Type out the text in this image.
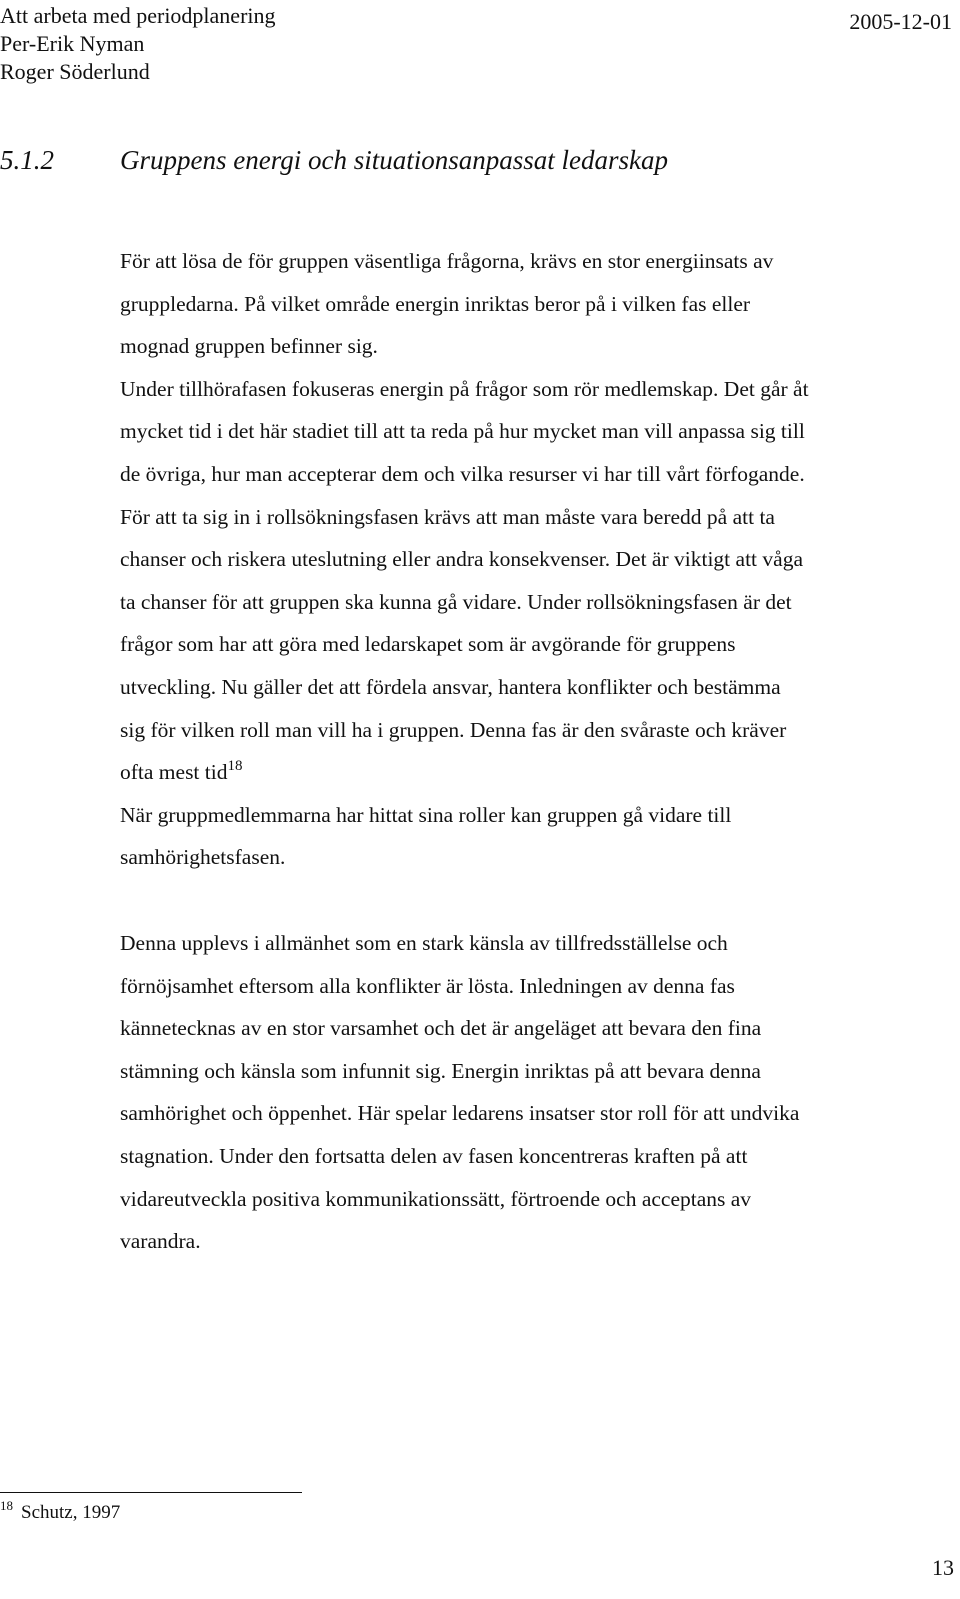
Att arbeta med periodplanering
Per-Erik Nyman
Roger Söderlund
2005-12-01
5.1.2 Gruppens energi och situationsanpassat ledarskap
För att lösa de för gruppen väsentliga frågorna, krävs en stor energiinsats av
gruppledarna. På vilket område energin inriktas beror på i vilken fas eller
mognad gruppen befinner sig.
Under tillhörafasen fokuseras energin på frågor som rör medlemskap. Det går åt
mycket tid i det här stadiet till att ta reda på hur mycket man vill anpassa sig till
de övriga, hur man accepterar dem och vilka resurser vi har till vårt förfogande.
För att ta sig in i rollsökningsfasen krävs att man måste vara beredd på att ta
chanser och riskera uteslutning eller andra konsekvenser. Det är viktigt att våga
ta chanser för att gruppen ska kunna gå vidare. Under rollsökningsfasen är det
frågor som har att göra med ledarskapet som är avgörande för gruppens
utveckling. Nu gäller det att fördela ansvar, hantera konflikter och bestämma
sig för vilken roll man vill ha i gruppen. Denna fas är den svåraste och kräver
ofta mest tid$^{18}$
När gruppmedlemmarna har hittat sina roller kan gruppen gå vidare till
samhörighetsfasen.
Denna upplevs i allmänhet som en stark känsla av tillfredsställelse och
förnöjsamhet eftersom alla konflikter är lösta. Inledningen av denna fas
kännetecknas av en stor varsamhet och det är angeläget att bevara den fina
stämning och känsla som infunnit sig. Energin inriktas på att bevara denna
samhörighet och öppenhet. Här spelar ledarens insatser stor roll för att undvika
stagnation. Under den fortsatta delen av fasen koncentreras kraften på att
vidareutveckla positiva kommunikationssätt, förtroende och acceptans av
varandra.
$^{18}$ Schutz, 1997
13
